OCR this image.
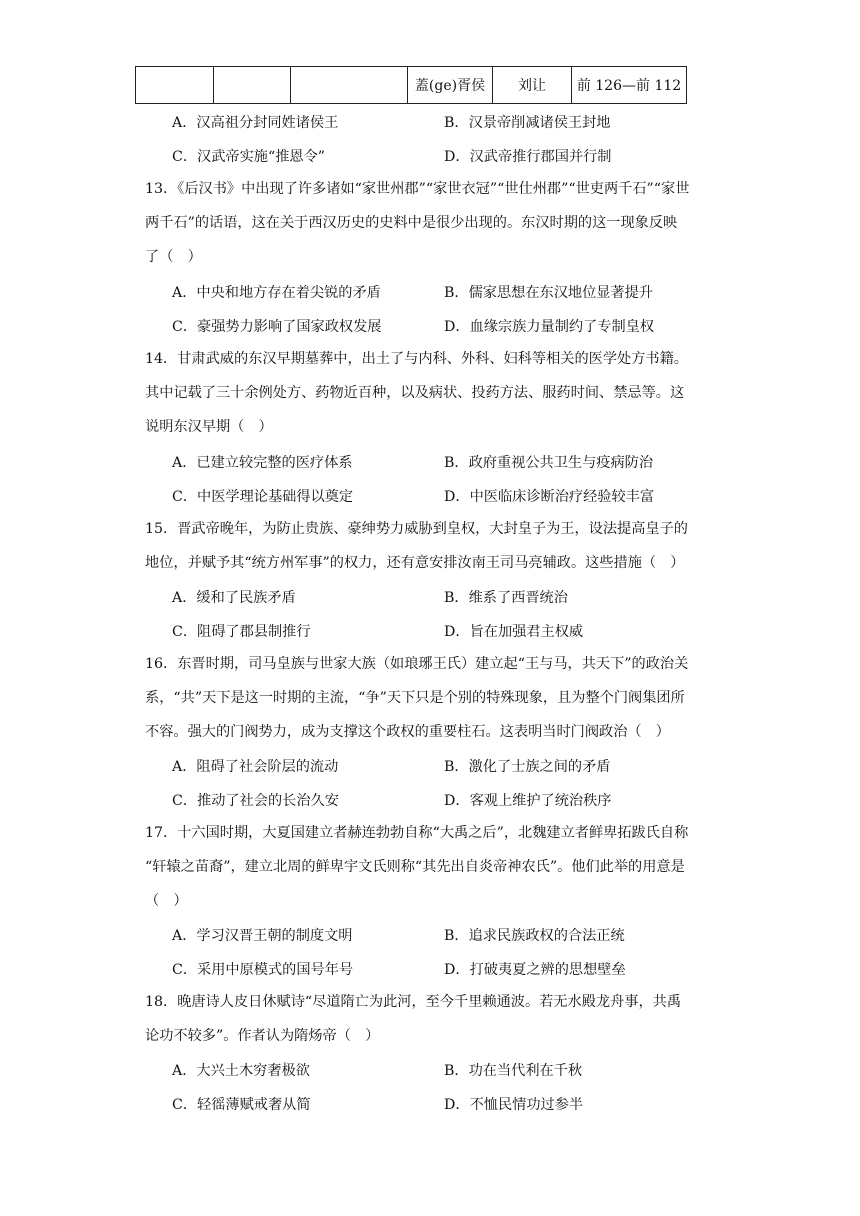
			蓋(ge)胥侯	刘让	前 126—前 112
A．汉高祖分封同姓诸侯王	B．汉景帝削减诸侯王封地
C．汉武帝实施“推恩令”	D．汉武帝推行郡国并行制
13．《后汉书》中出现了许多诸如“家世州郡”“家世衣冠”“世仕州郡”“世吏两千石”“家世
两千石”的话语，这在关于西汉历史的史料中是很少出现的。东汉时期的这一现象反映
了（　）
A．中央和地方存在着尖锐的矛盾	B．儒家思想在东汉地位显著提升
C．豪强势力影响了国家政权发展	D．血缘宗族力量制约了专制皇权
14．甘肃武威的东汉早期墓葬中，出土了与内科、外科、妇科等相关的医学处方书籍。
其中记载了三十余例处方、药物近百种，以及病状、投药方法、服药时间、禁忌等。这
说明东汉早期（　）
A．已建立较完整的医疗体系	B．政府重视公共卫生与疫病防治
C．中医学理论基础得以奠定	D．中医临床诊断治疗经验较丰富
15．晋武帝晚年，为防止贵族、豪绅势力威胁到皇权，大封皇子为王，设法提高皇子的
地位，并赋予其“统方州军事”的权力，还有意安排汝南王司马亮辅政。这些措施（　）
A．缓和了民族矛盾	B．维系了西晋统治
C．阻碍了郡县制推行	D．旨在加强君主权威
16．东晋时期，司马皇族与世家大族（如琅琊王氏）建立起“王与马，共天下”的政治关
系，“共”天下是这一时期的主流，“争”天下只是个别的特殊现象，且为整个门阀集团所
不容。强大的门阀势力，成为支撑这个政权的重要柱石。这表明当时门阀政治（　）
A．阻碍了社会阶层的流动	B．激化了士族之间的矛盾
C．推动了社会的长治久安	D．客观上维护了统治秩序
17．十六国时期，大夏国建立者赫连勃勃自称“大禹之后”，北魏建立者鲜卑拓跋氏自称
“轩辕之苗裔”，建立北周的鲜卑宇文氏则称“其先出自炎帝神农氏”。他们此举的用意是
（　）
A．学习汉晋王朝的制度文明	B．追求民族政权的合法正统
C．采用中原模式的国号年号	D．打破夷夏之辨的思想壁垒
18．晚唐诗人皮日休赋诗“尽道隋亡为此河，至今千里赖通波。若无水殿龙舟事，共禹
论功不较多”。作者认为隋炀帝（　）
A．大兴土木穷奢极欲	B．功在当代利在千秋
C．轻徭薄赋戒奢从简	D．不恤民情功过参半
